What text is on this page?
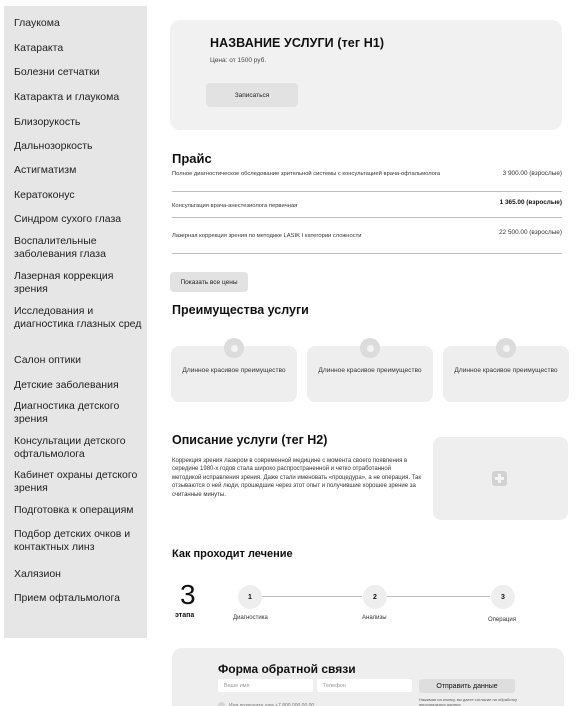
Глаукома
Катаракта
Болезни сетчатки
Катаракта и глаукома
Близорукость
Дальнозоркость
Астигматизм
Кератоконус
Синдром сухого глаза
Воспалительные заболевания глаза
Лазерная коррекция зрения
Исследования и диагностика глазных сред
Салон оптики
Детские заболевания
Диагностика детского зрения
Консультации детского офтальмолога
Кабинет охраны детского зрения
Подготовка к операциям
Подбор детских очков и контактных линз
Халязион
Прием офтальмолога
НАЗВАНИЕ УСЛУГИ (тег H1)
Цена: от 1500 руб.
Записаться
Прайс
Полное диагностическое обследование зрительной системы с консультацией врача-офтальмолога	3 900.00 (взрослые)
Консультация врача-анестезиолога первичная	1 365.00 (взрослые)
Лазерная коррекция зрения по методике LASIK I категории сложности	22 500.00 (взрослые)
Показать все цены
Преимущества услуги
Длинное красивое преимущество	Длинное красивое преимущество	Длинное красивое преимущество
Описание услуги (тег H2)

Коррекция зрения лазером в современной медицине с момента своего появления в середине 1980-х годов стала широко распространенной и четко отработанной методикой исправления зрения. Даже стали именовать «процедура», а не операция. Так отзываются о ней люди, прошедшие через этот опыт и получившие хорошее зрение за считанные минуты.

Как проходит лечение
3
этапа
1	2	3
Диагностика	Анализы	Операция
Форма обратной связи
Ваше имя
Телефон
Отправить данные
Нажимая на кнопку, вы даете согласие на обработку персональных данных
Или позвоните нам +7 800 000 00 00
